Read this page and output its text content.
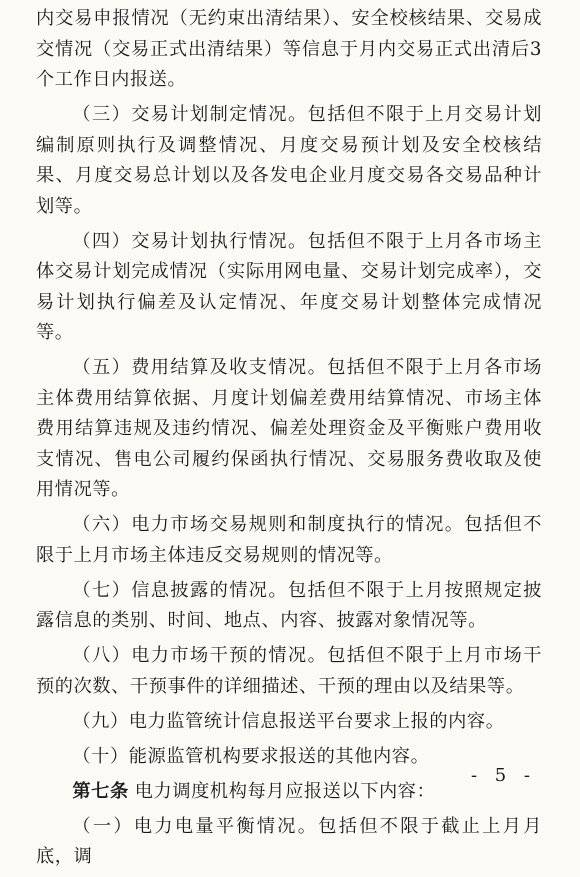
内交易申报情况（无约束出清结果）、安全校核结果、交易成交情况（交易正式出清结果）等信息于月内交易正式出清后3个工作日内报送。

（三）交易计划制定情况。包括但不限于上月交易计划编制原则执行及调整情况、月度交易预计划及安全校核结果、月度交易总计划以及各发电企业月度交易各交易品种计划等。

（四）交易计划执行情况。包括但不限于上月各市场主体交易计划完成情况（实际用网电量、交易计划完成率），交易计划执行偏差及认定情况、年度交易计划整体完成情况等。

（五）费用结算及收支情况。包括但不限于上月各市场主体费用结算依据、月度计划偏差费用结算情况、市场主体费用结算违规及违约情况、偏差处理资金及平衡账户费用收支情况、售电公司履约保函执行情况、交易服务费收取及使用情况等。

（六）电力市场交易规则和制度执行的情况。包括但不限于上月市场主体违反交易规则的情况等。

（七）信息披露的情况。包括但不限于上月按照规定披露信息的类别、时间、地点、内容、披露对象情况等。

（八）电力市场干预的情况。包括但不限于上月市场干预的次数、干预事件的详细描述、干预的理由以及结果等。

（九）电力监管统计信息报送平台要求上报的内容。

（十）能源监管机构要求报送的其他内容。

第七条 电力调度机构每月应报送以下内容：

（一）电力电量平衡情况。包括但不限于截止上月月底，调

- 5 -
